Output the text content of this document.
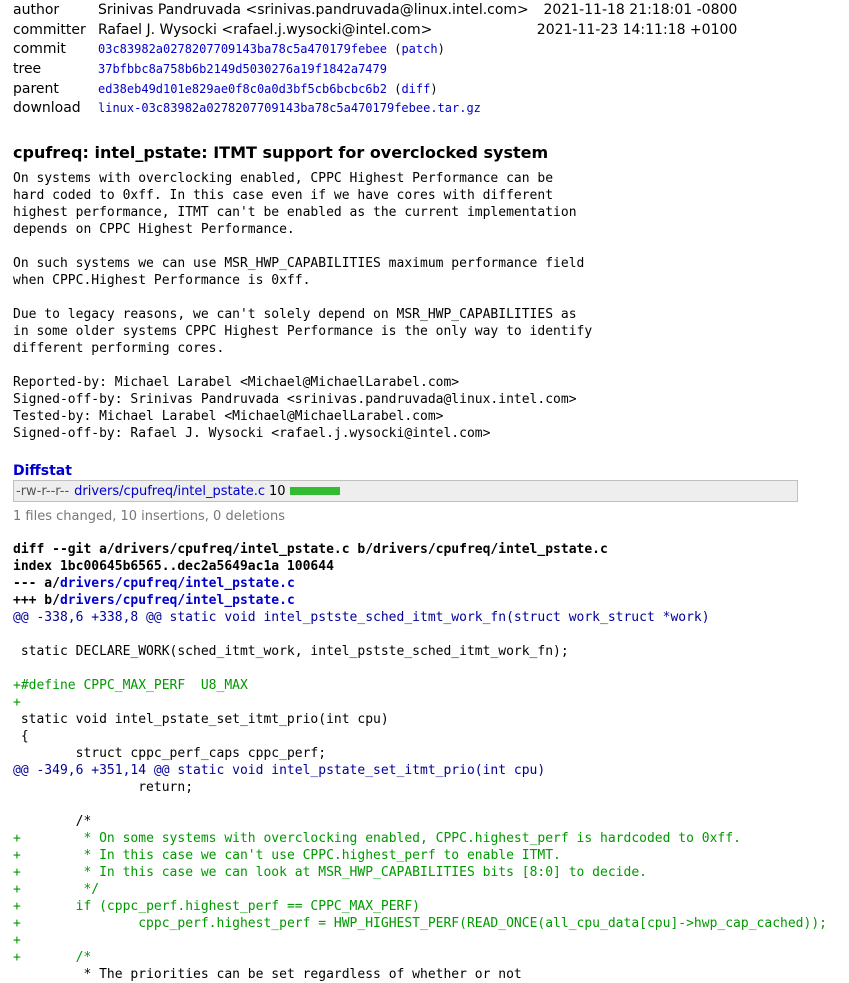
author	Srinivas Pandruvada <srinivas.pandruvada@linux.intel.com>	2021-11-18 21:18:01 -0800
committer	Rafael J. Wysocki <rafael.j.wysocki@intel.com>	2021-11-23 14:11:18 +0100
commit	03c83982a0278207709143ba78c5a470179febee (patch)	
tree	37bfbbc8a758b6b2149d5030276a19f1842a7479	
parent	ed38eb49d101e829ae0f8c0a0d3bf5cb6bcbc6b2 (diff)	
download	linux-03c83982a0278207709143ba78c5a470179febee.tar.gz	
cpufreq: intel_pstate: ITMT support for overclocked system
On systems with overclocking enabled, CPPC Highest Performance can be
hard coded to 0xff. In this case even if we have cores with different
highest performance, ITMT can't be enabled as the current implementation
depends on CPPC Highest Performance.

On such systems we can use MSR_HWP_CAPABILITIES maximum performance field
when CPPC.Highest Performance is 0xff.

Due to legacy reasons, we can't solely depend on MSR_HWP_CAPABILITIES as
in some older systems CPPC Highest Performance is the only way to identify
different performing cores.

Reported-by: Michael Larabel <Michael@MichaelLarabel.com>
Signed-off-by: Srinivas Pandruvada <srinivas.pandruvada@linux.intel.com>
Tested-by: Michael Larabel <Michael@MichaelLarabel.com>
Signed-off-by: Rafael J. Wysocki <rafael.j.wysocki@intel.com>
Diffstat
-rw-r--r-- drivers/cpufreq/intel_pstate.c 10
1 files changed, 10 insertions, 0 deletions
diff --git a/drivers/cpufreq/intel_pstate.c b/drivers/cpufreq/intel_pstate.c
index 1bc00645b6565..dec2a5649ac1a 100644
--- a/drivers/cpufreq/intel_pstate.c
+++ b/drivers/cpufreq/intel_pstate.c
@@ -338,6 +338,8 @@ static void intel_pstste_sched_itmt_work_fn(struct work_struct *work)

static DECLARE_WORK(sched_itmt_work, intel_pstste_sched_itmt_work_fn);

+#define CPPC_MAX_PERF	U8_MAX
+
static void intel_pstate_set_itmt_prio(int cpu)
{
	struct cppc_perf_caps cppc_perf;
@@ -349,6 +351,14 @@ static void intel_pstate_set_itmt_prio(int cpu)
		return;

	/*
+	* On some systems with overclocking enabled, CPPC.highest_perf is hardcoded to 0xff.
+	* In this case we can't use CPPC.highest_perf to enable ITMT.
+	* In this case we can look at MSR_HWP_CAPABILITIES bits [8:0] to decide.
+	*/
+	if (cppc_perf.highest_perf == CPPC_MAX_PERF)
+		cppc_perf.highest_perf = HWP_HIGHEST_PERF(READ_ONCE(all_cpu_data[cpu]->hwp_cap_cached));
+
+	/*
	* The priorities can be set regardless of whether or not
